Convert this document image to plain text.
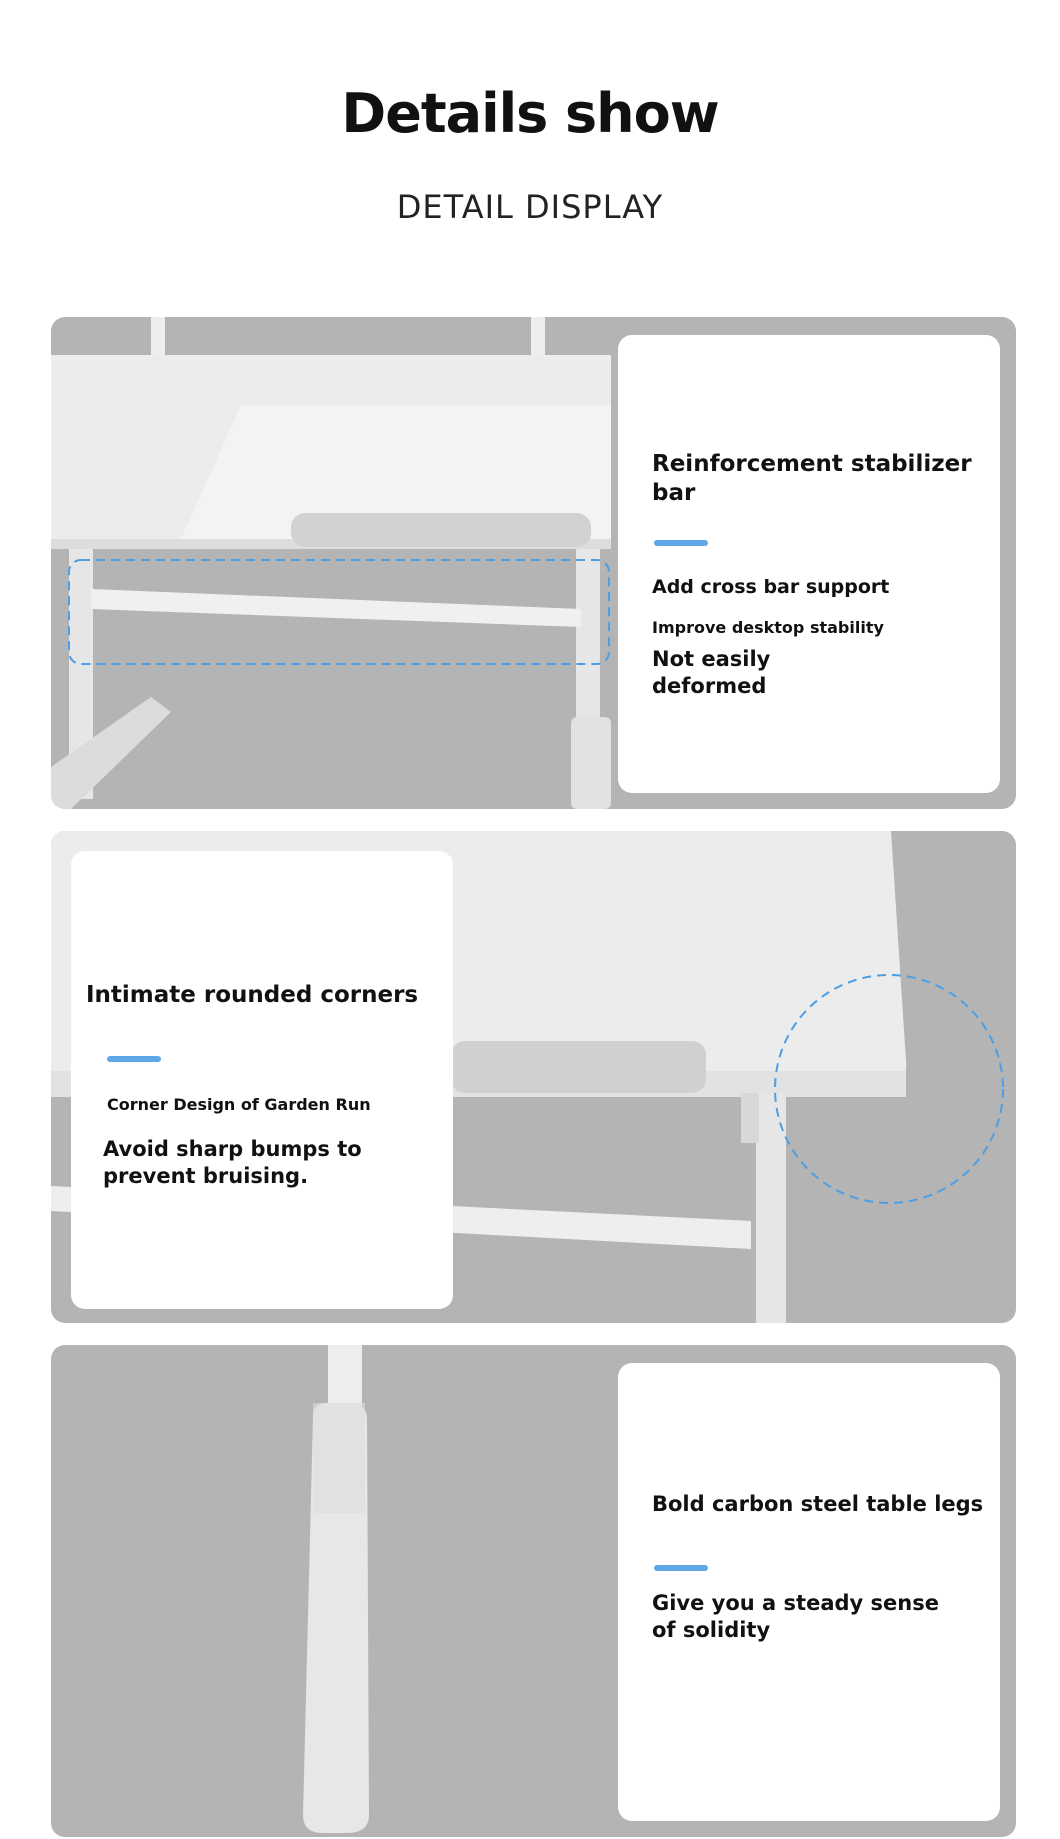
Details show
DETAIL DISPLAY
Reinforcement stabilizer bar

Add cross bar support

Improve desktop stability

Not easily deformed

Intimate rounded corners

Corner Design of Garden Run

Avoid sharp bumps to prevent bruising.

Bold carbon steel table legs

Give you a steady sense of solidity
